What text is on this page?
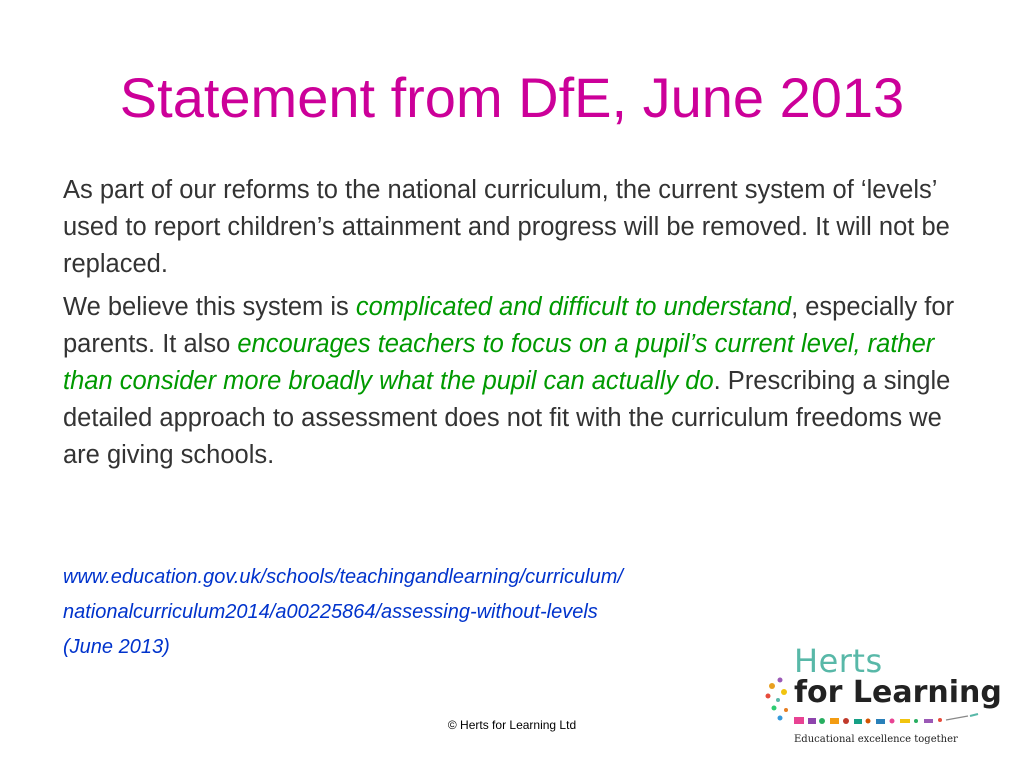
Statement from DfE, June 2013

As part of our reforms to the national curriculum, the current system of ‘levels’ used to report children’s attainment and progress will be removed. It will not be replaced.

We believe this system is complicated and difficult to understand, especially for parents. It also encourages teachers to focus on a pupil’s current level, rather than consider more broadly what the pupil can actually do. Prescribing a single detailed approach to assessment does not fit with the curriculum freedoms we are giving schools.

www.education.gov.uk/schools/teachingandlearning/curriculum/
nationalcurriculum2014/a00225864/assessing-without-levels
(June 2013)
© Herts for Learning Ltd
Herts
for Learning
Educational excellence together
